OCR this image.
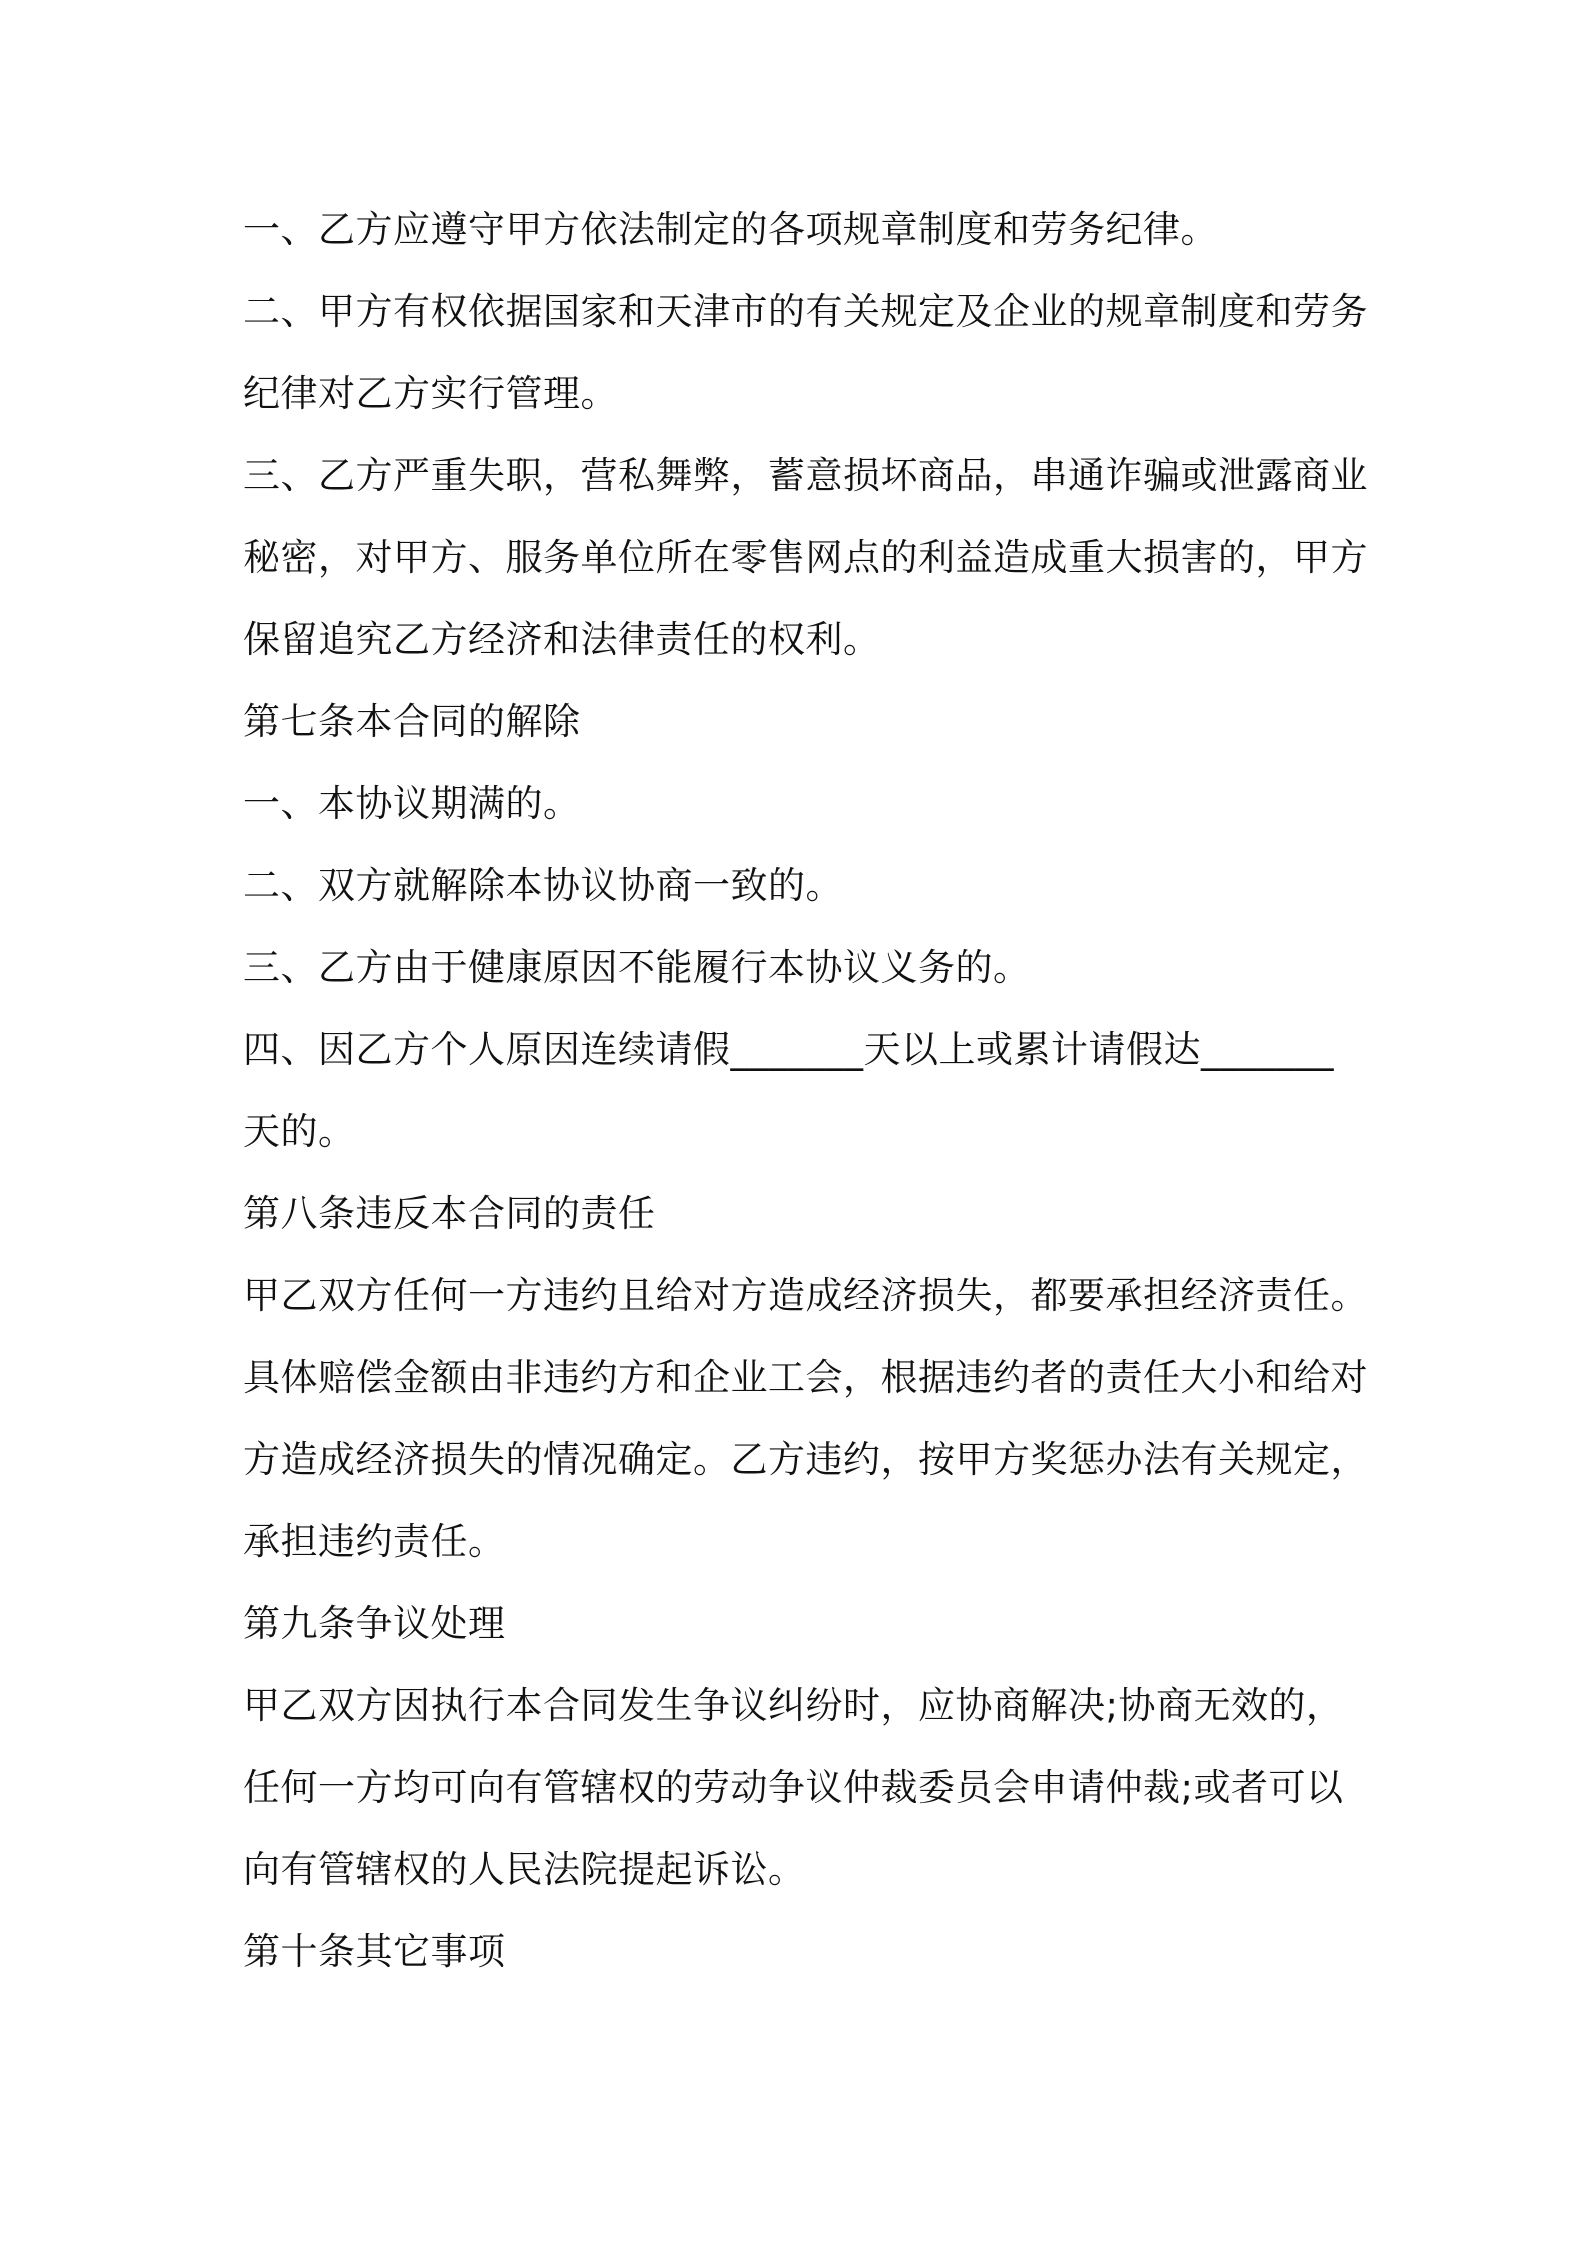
一、乙方应遵守甲方依法制定的各项规章制度和劳务纪律。
二、甲方有权依据国家和天津市的有关规定及企业的规章制度和劳务
纪律对乙方实行管理。
三、乙方严重失职，营私舞弊，蓄意损坏商品，串通诈骗或泄露商业
秘密，对甲方、服务单位所在零售网点的利益造成重大损害的，甲方
保留追究乙方经济和法律责任的权利。
第七条本合同的解除
一、本协议期满的。
二、双方就解除本协议协商一致的。
三、乙方由于健康原因不能履行本协议义务的。
四、因乙方个人原因连续请假_______天以上或累计请假达_______
天的。
第八条违反本合同的责任
甲乙双方任何一方违约且给对方造成经济损失，都要承担经济责任。
具体赔偿金额由非违约方和企业工会，根据违约者的责任大小和给对
方造成经济损失的情况确定。乙方违约，按甲方奖惩办法有关规定，
承担违约责任。
第九条争议处理
甲乙双方因执行本合同发生争议纠纷时，应协商解决;协商无效的，
任何一方均可向有管辖权的劳动争议仲裁委员会申请仲裁;或者可以
向有管辖权的人民法院提起诉讼。
第十条其它事项
